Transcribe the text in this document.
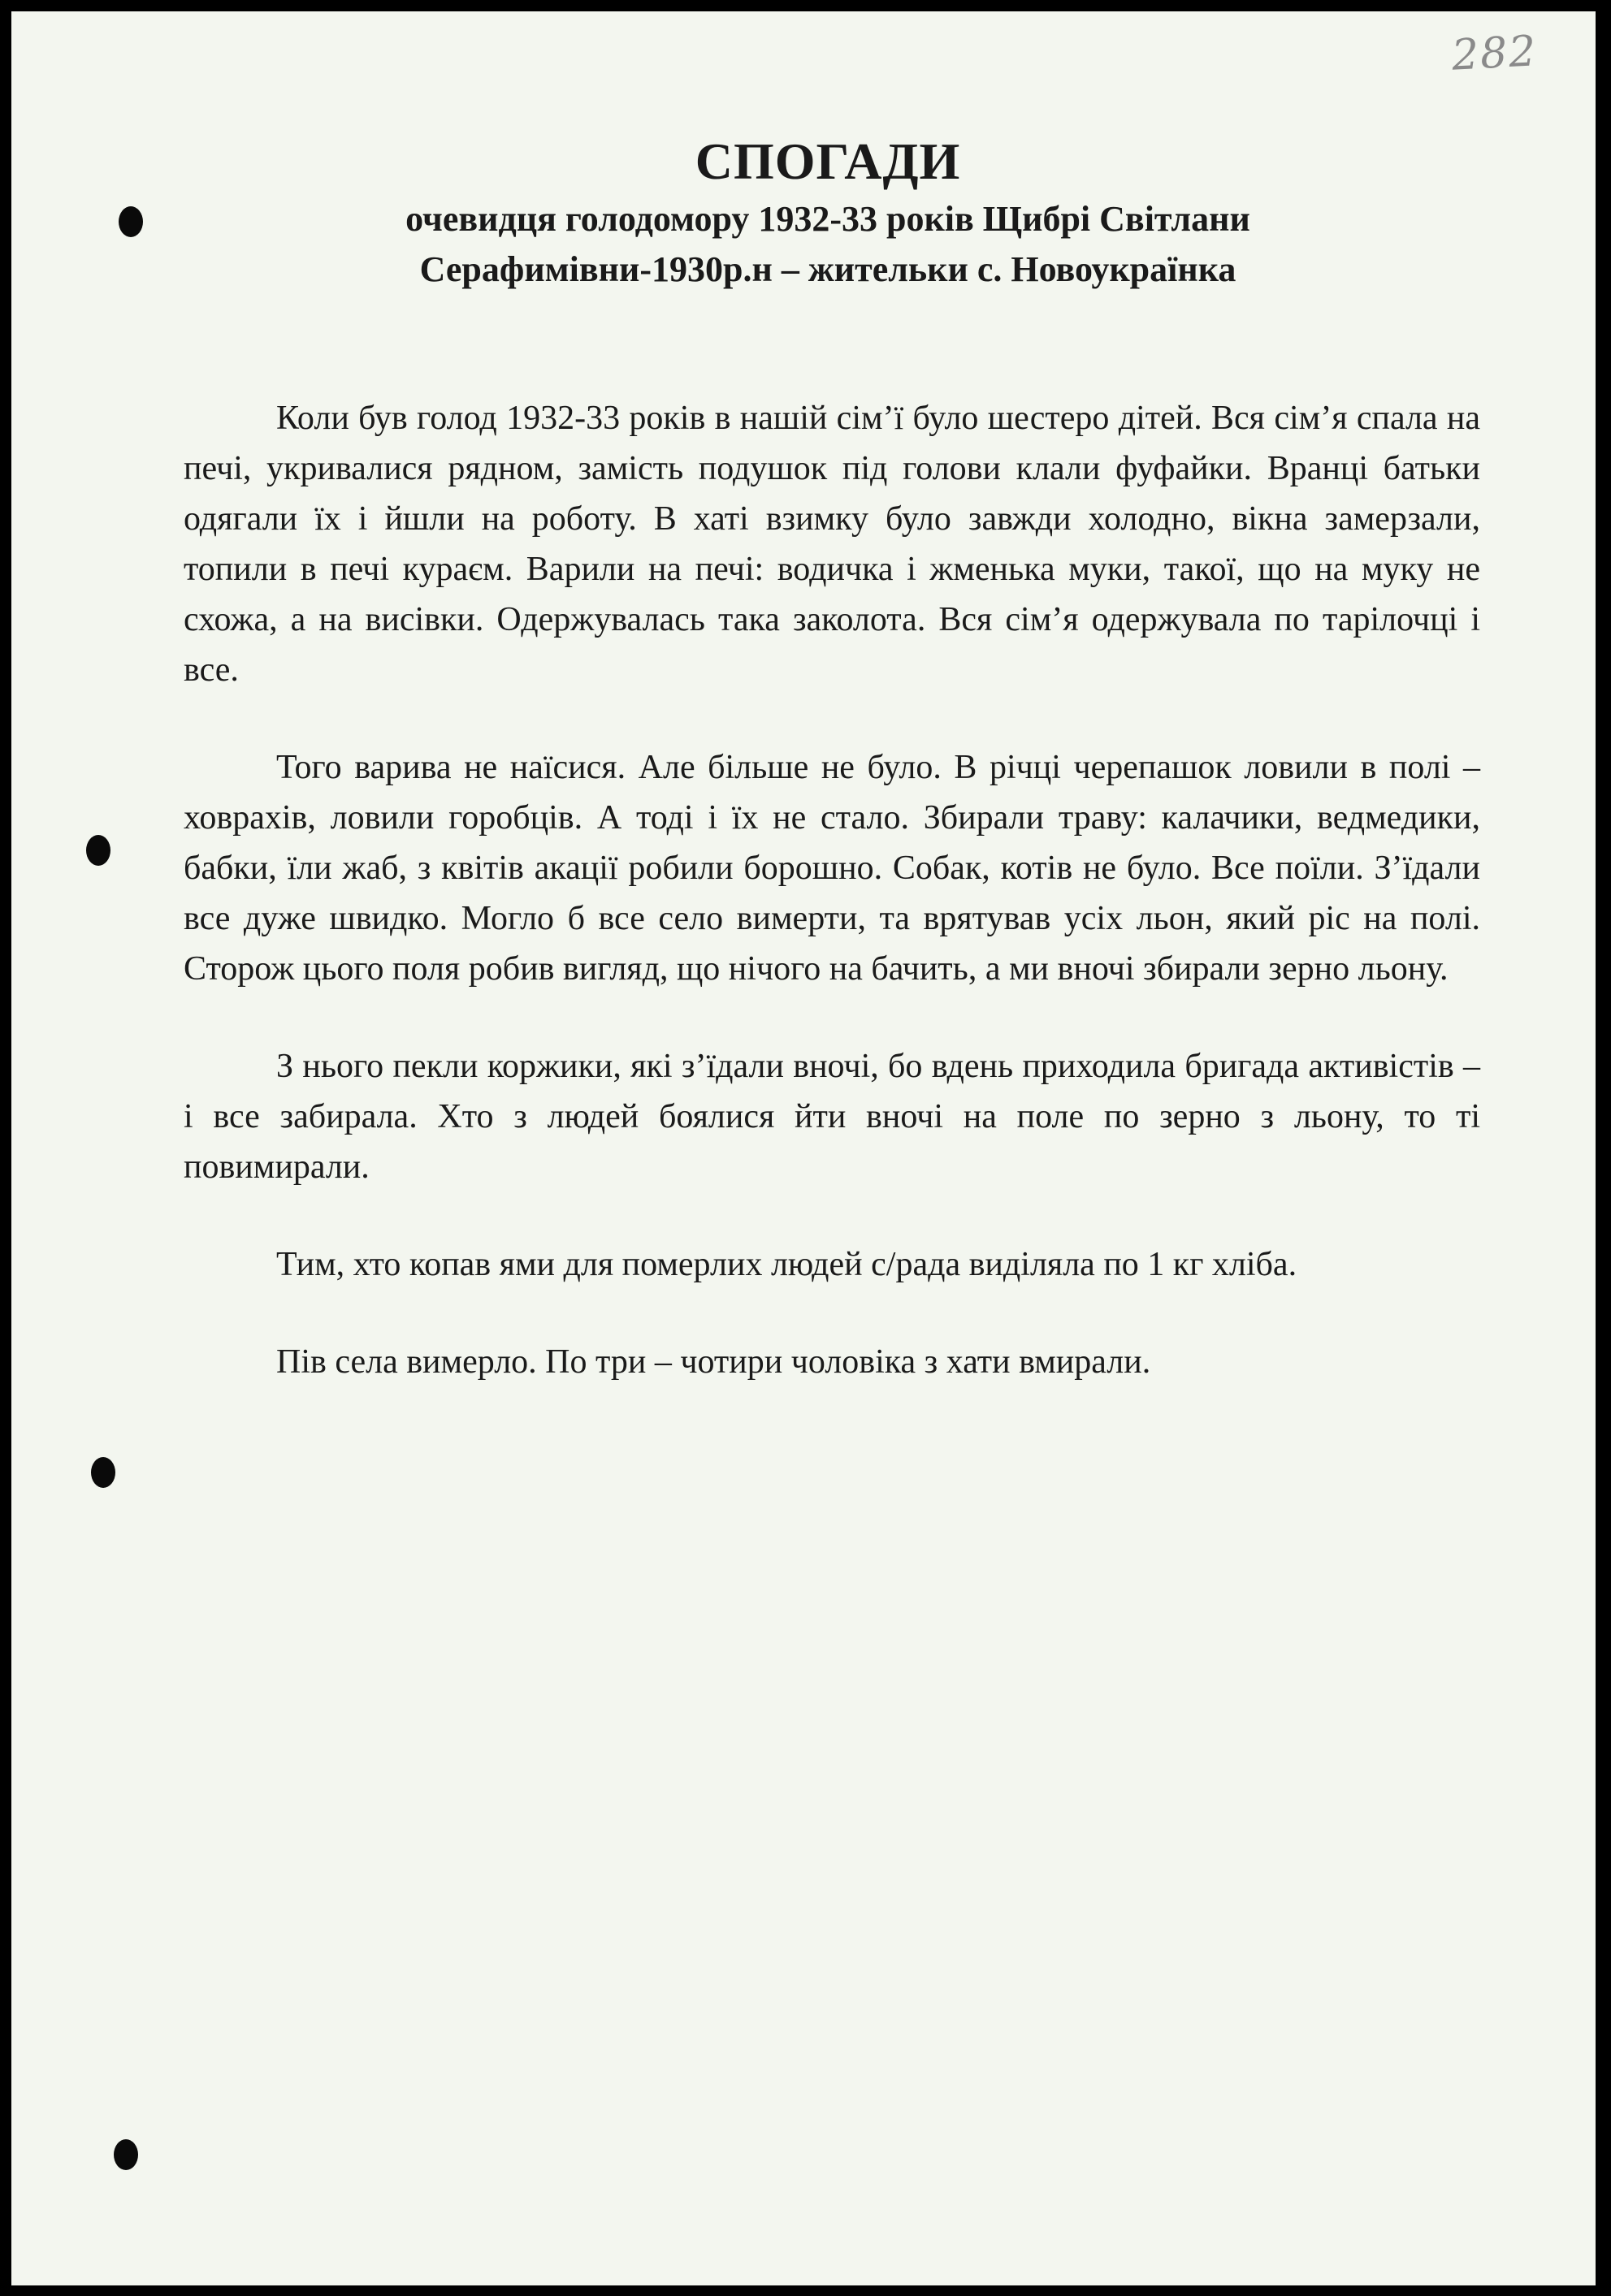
282
СПОГАДИ
очевидця голодомору 1932-33 років Щибрі Світлани
Серафимівни-1930р.н – жительки с. Новоукраїнка

Коли був голод 1932-33 років в нашій сім’ї було шестеро дітей. Вся сім’я спала на печі, укривалися рядном, замість подушок під голови клали фуфайки. Вранці батьки одягали їх і йшли на роботу. В хаті взимку було завжди холодно, вікна замерзали, топили в печі кураєм. Варили на печі: водичка і жменька муки, такої, що на муку не схожа, а на висівки. Одержувалась така заколота. Вся сім’я одержувала по тарілочці і все.

Того варива не наїсися. Але більше не було. В річці черепашок ловили в полі – ховрахів, ловили горобців. А тоді і їх не стало. Збирали траву: калачики, ведмедики, бабки, їли жаб, з квітів акації робили борошно. Собак, котів не було. Все поїли. З’їдали все дуже швидко. Могло б все село вимерти, та врятував усіх льон, який ріс на полі. Сторож цього поля робив вигляд, що нічого на бачить, а ми вночі збирали зерно льону.

З нього пекли коржики, які з’їдали вночі, бо вдень приходила бригада активістів – і все забирала. Хто з людей боялися йти вночі на поле по зерно з льону, то ті повимирали.

Тим, хто копав ями для померлих людей с/рада виділяла по 1 кг хліба.

Пів села вимерло. По три – чотири чоловіка з хати вмирали.
